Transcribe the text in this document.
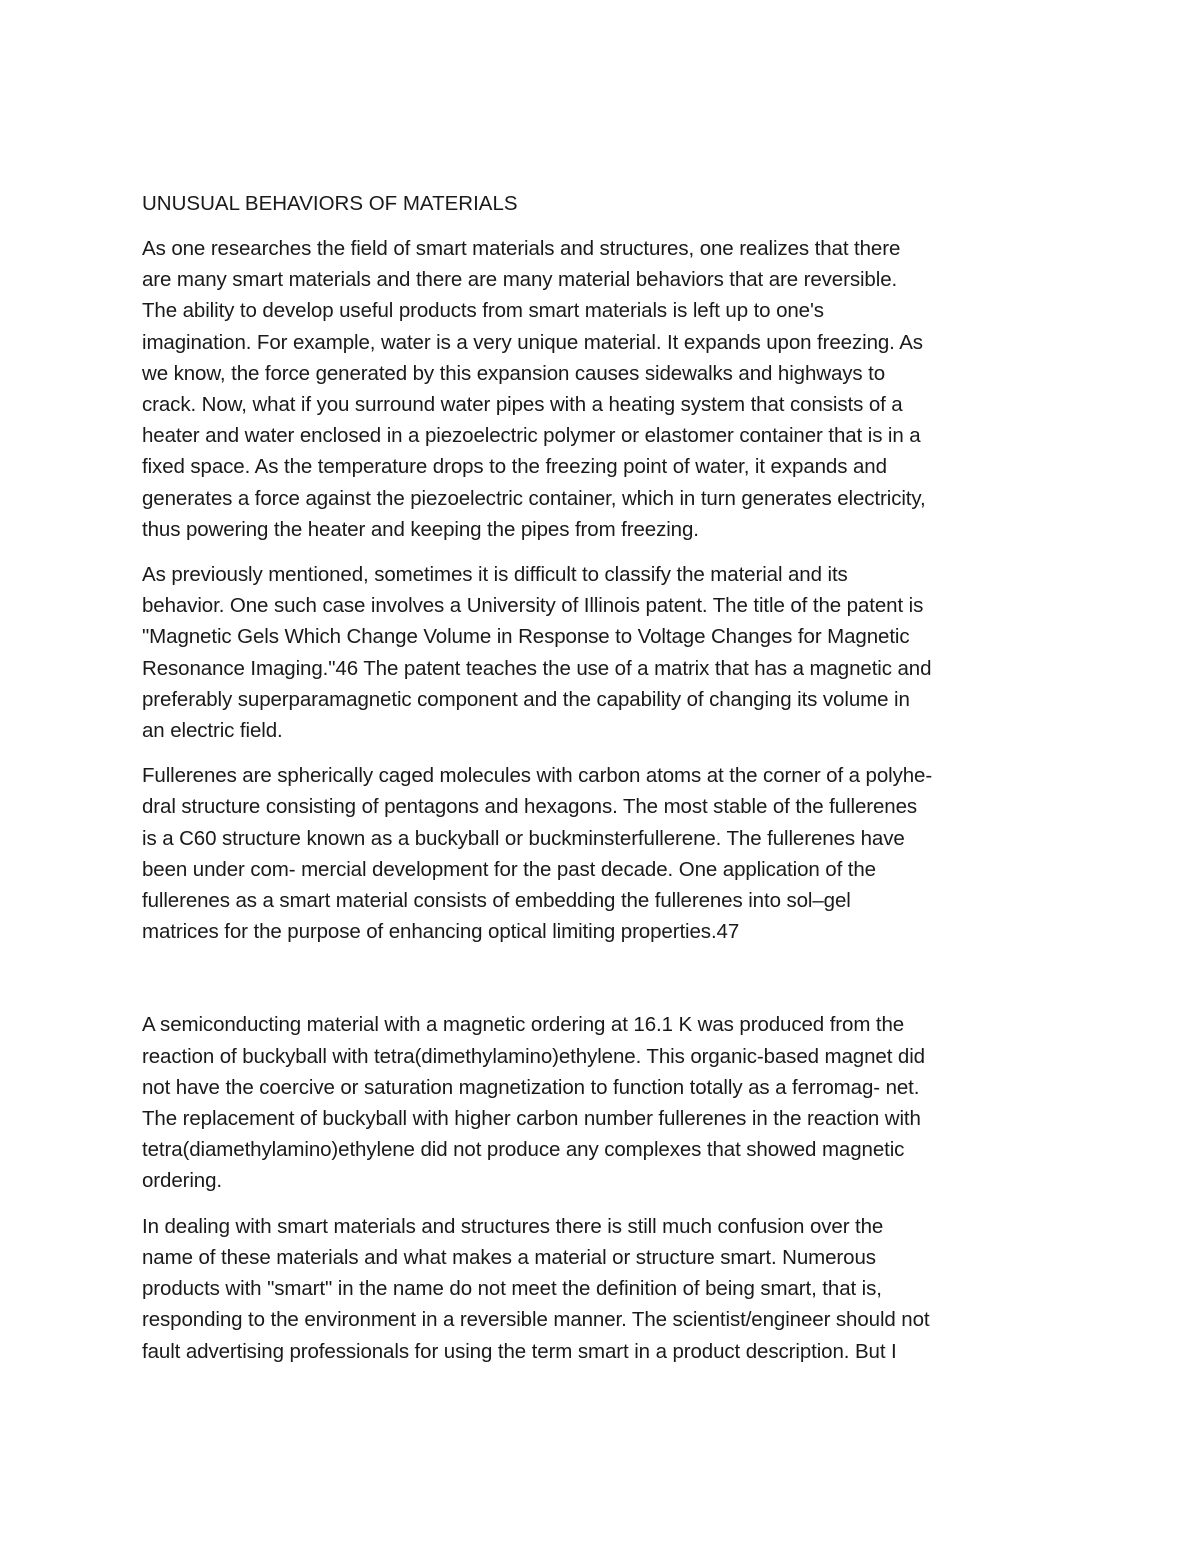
UNUSUAL BEHAVIORS OF MATERIALS
As one researches the field of smart materials and structures, one realizes that there
are many smart materials and there are many material behaviors that are reversible.
The ability to develop useful products from smart materials is left up to one's
imagination. For example, water is a very unique material. It expands upon freezing. As
we know, the force generated by this expansion causes sidewalks and highways to
crack. Now, what if you surround water pipes with a heating system that consists of a
heater and water enclosed in a piezoelectric polymer or elastomer container that is in a
fixed space. As the temperature drops to the freezing point of water, it expands and
generates a force against the piezoelectric container, which in turn generates electricity,
thus powering the heater and keeping the pipes from freezing.
As previously mentioned, sometimes it is difficult to classify the material and its
behavior. One such case involves a University of Illinois patent. The title of the patent is
"Magnetic Gels Which Change Volume in Response to Voltage Changes for Magnetic
Resonance Imaging."46 The patent teaches the use of a matrix that has a magnetic and
preferably superparamagnetic component and the capability of changing its volume in
an electric field.
Fullerenes are spherically caged molecules with carbon atoms at the corner of a polyhe-
dral structure consisting of pentagons and hexagons. The most stable of the fullerenes
is a C60 structure known as a buckyball or buckminsterfullerene. The fullerenes have
been under com- mercial development for the past decade. One application of the
fullerenes as a smart material consists of embedding the fullerenes into sol–gel
matrices for the purpose of enhancing optical limiting properties.47
A semiconducting material with a magnetic ordering at 16.1 K was produced from the
reaction of buckyball with tetra(dimethylamino)ethylene. This organic-based magnet did
not have the coercive or saturation magnetization to function totally as a ferromag- net.
The replacement of buckyball with higher carbon number fullerenes in the reaction with
tetra(diamethylamino)ethylene did not produce any complexes that showed magnetic
ordering.
In dealing with smart materials and structures there is still much confusion over the
name of these materials and what makes a material or structure smart. Numerous
products with "smart" in the name do not meet the definition of being smart, that is,
responding to the environment in a reversible manner. The scientist/engineer should not
fault advertising professionals for using the term smart in a product description. But I
